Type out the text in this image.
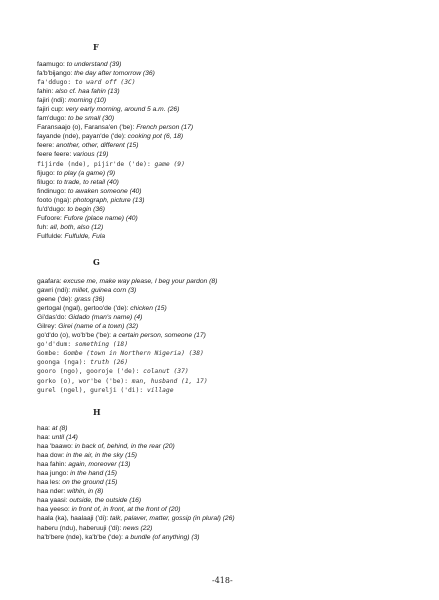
F
faamugo: to understand (39)
fa'b'bijango: the day after tomorrow (36)
fa'ddugo: to ward off (3C)
fahin: also cf. haa fahin (13)
fajiri (ndi): morning (10)
fajiri cup: very early morning, around 5 a.m. (26)
fam'dugo: to be small (30)
Faransaajo (o), Faransa'en ('be): French person (17)
fayande (nde), payan'de ('de): cooking pot (6, 18)
feere: another, other, different (15)
feere feere: various (19)
fijirde (nde), pijir'de ('de): game (9)
fijugo: to play (a game) (9)
filugo: to trade, to retail (40)
findinugo: to awaken someone (40)
footo (nga): photograph, picture (13)
fu'd'dugo: to begin (36)
Fufoore: Fufore (place name) (40)
fuh: all, both, also (12)
Fulfulde: Fulfulde, Fula
G
gaafara: excuse me, make way please, I beg your pardon (8)
gawri (ndi): millet, guinea corn (3)
geene ('de): grass (36)
gertogal (ngal), gertoo'de ('de): chicken (15)
Gi'das'do: Gidado (man's name) (4)
Gilrey: Girei (name of a town) (32)
go'd'do (o), wo'b'be ('be): a certain person, someone (17)
go'd'dum: something (18)
Gombe: Gombe (town in Northern Nigeria) (38)
goonga (nga): truth (26)
gooro (ngo), gooroje ('de): colanut (37)
gorko (o), wor'be ('be): man, husband (1, 17)
gurel (ngel), gurelji ('di): village
H
haa: at (8)
haa: until (14)
haa 'baawo: in back of, behind, in the rear (20)
haa dow: in the air, in the sky (15)
haa fahin: again, moreover (13)
haa jungo: in the hand (15)
haa les: on the ground (15)
haa nder: within, in (8)
haa yaasi: outside, the outside (16)
haa yeeso: in front of, in front, at the front of (20)
haala (ka), haalaaji ('di): talk, palaver, matter, gossip (in plural) (26)
haberu (ndu), haberuuji ('di): news (22)
ha'b'bere (nde), ka'b'be ('de): a bundle (of anything) (3)
-418-
